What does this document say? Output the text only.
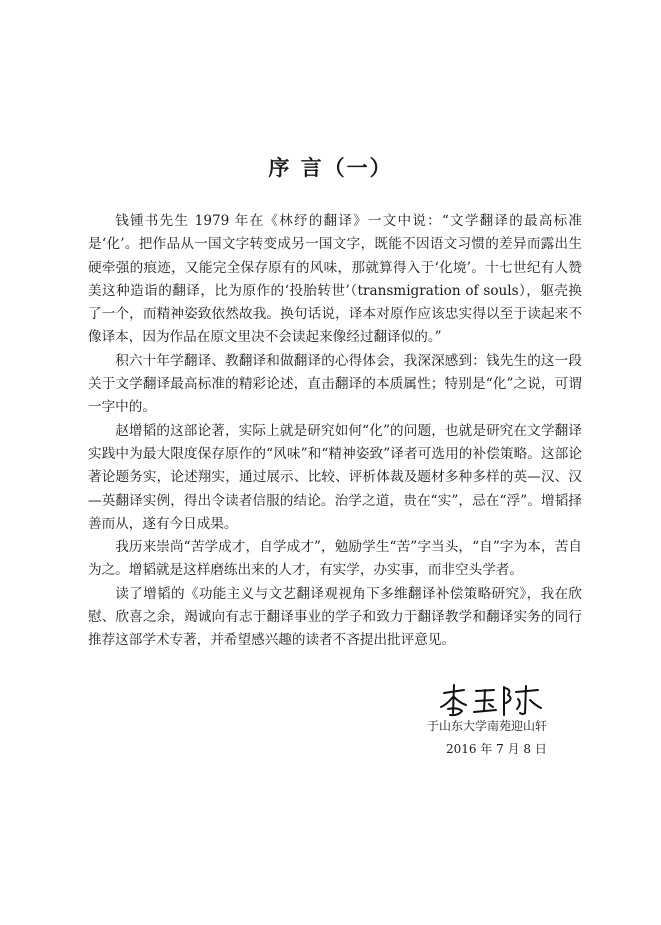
序 言（一）

钱锺书先生 1979 年在《林纾的翻译》一文中说：“文学翻译的最高标准是‘化’。把作品从一国文字转变成另一国文字，既能不因语文习惯的差异而露出生硬牵强的痕迹，又能完全保存原有的风味，那就算得入于‘化境’。十七世纪有人赞美这种造诣的翻译，比为原作的‘投胎转世’（transmigration of souls），躯壳换了一个，而精神姿致依然故我。换句话说，译本对原作应该忠实得以至于读起来不像译本，因为作品在原文里决不会读起来像经过翻译似的。”

积六十年学翻译、教翻译和做翻译的心得体会，我深深感到：钱先生的这一段关于文学翻译最高标准的精彩论述，直击翻译的本质属性；特别是“化”之说，可谓一字中的。

赵增韬的这部论著，实际上就是研究如何“化”的问题，也就是研究在文学翻译实践中为最大限度保存原作的“风味”和“精神姿致”译者可选用的补偿策略。这部论著论题务实，论述翔实，通过展示、比较、评析体裁及题材多种多样的英—汉、汉—英翻译实例，得出令读者信服的结论。治学之道，贵在“实”，忌在“浮”。增韬择善而从，遂有今日成果。

我历来崇尚“苦学成才，自学成才”，勉励学生“苦”字当头，“自”字为本，苦自为之。增韬就是这样磨练出来的人才，有实学，办实事，而非空头学者。

读了增韬的《功能主义与文艺翻译观视角下多维翻译补偿策略研究》，我在欣慰、欣喜之余，竭诚向有志于翻译事业的学子和致力于翻译教学和翻译实务的同行推荐这部学术专著，并希望感兴趣的读者不吝提出批评意见。

于山东大学南苑迎山轩
2016 年 7 月 8 日
